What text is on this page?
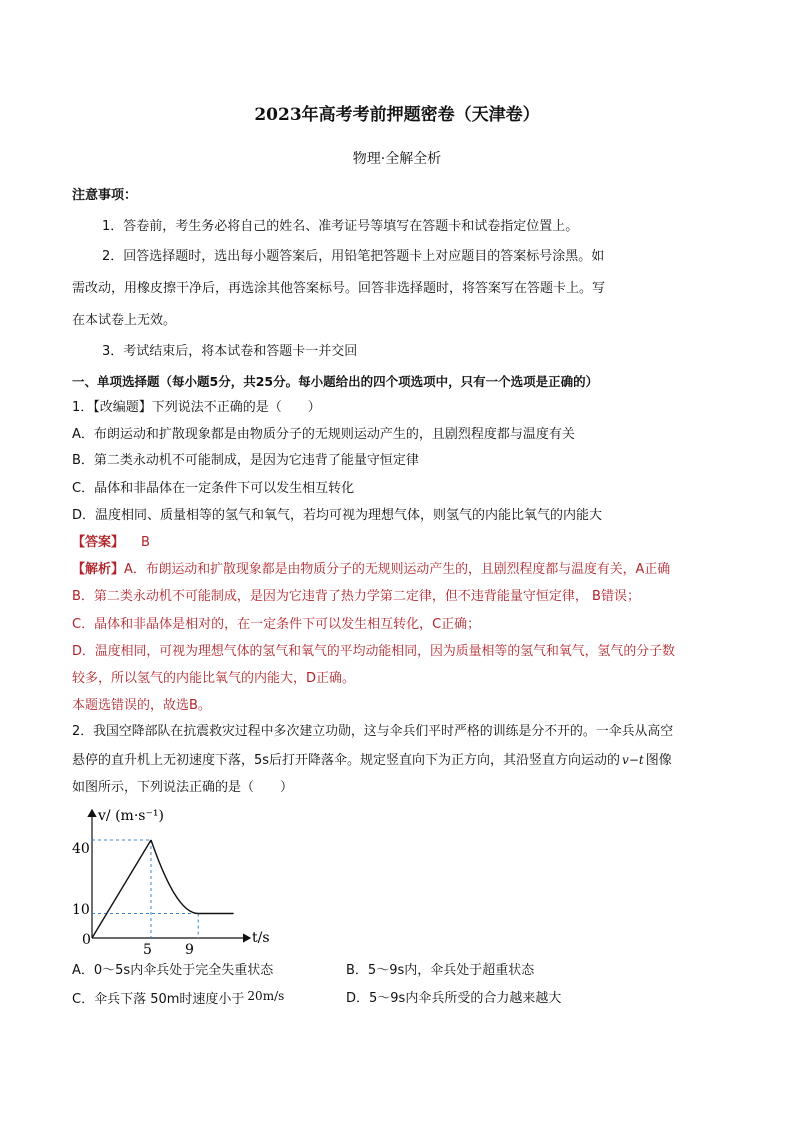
2023年高考考前押题密卷（天津卷）
物理·全解全析
注意事项：
1．答卷前，考生务必将自己的姓名、准考证号等填写在答题卡和试卷指定位置上。
2．回答选择题时，选出每小题答案后，用铅笔把答题卡上对应题目的答案标号涂黑。如
需改动，用橡皮擦干净后，再选涂其他答案标号。回答非选择题时，将答案写在答题卡上。写
在本试卷上无效。
3．考试结束后，将本试卷和答题卡一并交回
一、单项选择题（每小题5分，共25分。每小题给出的四个项选项中，只有一个选项是正确的）
1．【改编题】下列说法不正确的是（　　）
A．布朗运动和扩散现象都是由物质分子的无规则运动产生的，且剧烈程度都与温度有关
B．第二类永动机不可能制成，是因为它违背了能量守恒定律
C．晶体和非晶体在一定条件下可以发生相互转化
D．温度相同、质量相等的氢气和氧气，若均可视为理想气体，则氢气的内能比氧气的内能大
【答案】 B
【解析】 A．布朗运动和扩散现象都是由物质分子的无规则运动产生的，且剧烈程度都与温度有关，A正确
B．第二类永动机不可能制成，是因为它违背了热力学第二定律，但不违背能量守恒定律， B错误；
C．晶体和非晶体是相对的，在一定条件下可以发生相互转化，C正确；
D．温度相同，可视为理想气体的氢气和氧气的平均动能相同，因为质量相等的氢气和氧气，氢气的分子数
较多，所以氢气的内能比氧气的内能大，D正确。
本题选错误的，故选B。
2．我国空降部队在抗震救灾过程中多次建立功勋，这与伞兵们平时严格的训练是分不开的。一伞兵从高空
悬停的直升机上无初速度下落，5s后打开降落伞。规定竖直向下为正方向，其沿竖直方向运动的 v−t 图像
如图所示，下列说法正确的是（　　）
v/ (m·s⁻¹)
t/s
0
40
10
5 9
A．0～5s内伞兵处于完全失重状态	B．5～9s内，伞兵处于超重状态
C．伞兵下落 50m时速度小于 20m/s	D．5～9s内伞兵所受的合力越来越大
